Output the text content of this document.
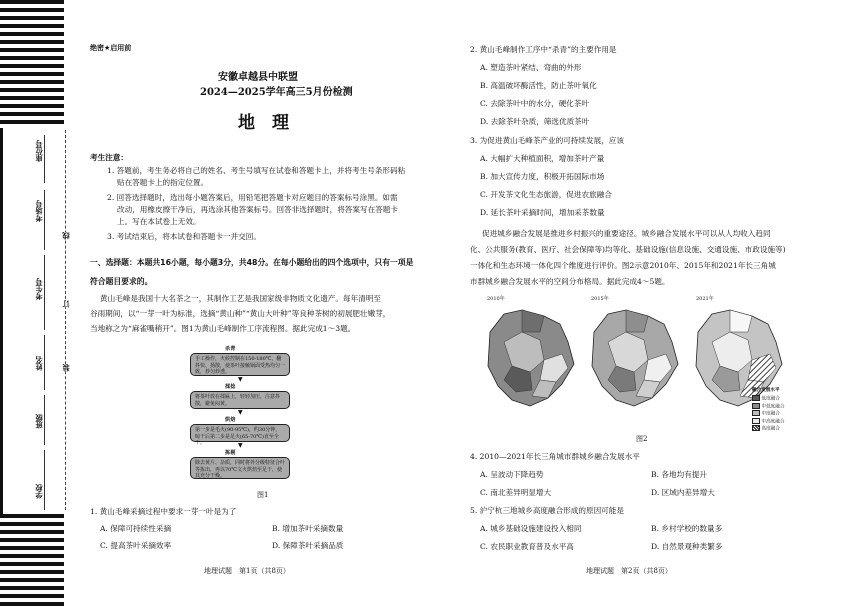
座位号
考场号
考生号
姓名
班级
学校
线
订
装
绝密★启用前
安徽卓越县中联盟
2024—2025学年高三5月份检测
地　理
考生注意：
1. 答题前，考生务必将自己的姓名、考生号填写在试卷和答题卡上，并将考生号条形码粘
贴在答题卡上的指定位置。
2. 回答选择题时，选出每小题答案后，用铅笔把答题卡对应题目的答案标号涂黑。如需
改动，用橡皮擦干净后，再选涂其他答案标号。回答非选择题时，将答案写在答题卡
上。写在本试卷上无效。
3. 考试结束后，将本试卷和答题卡一并交回。
一、选择题：本题共16小题，每小题3分，共48分。在每小题给出的四个选项中，只有一项是
符合题目要求的。
黄山毛峰是我国十大名茶之一，其制作工艺是我国家级非物质文化遗产。每年清明至
谷雨期间，以“一芽一叶为标准，选摘“黄山种”“黄山大叶种”等良种茶树的初展肥壮嫩芽，
当地称之为“麻雀嘴稍开”。图1为黄山毛峰制作工序流程图。据此完成1～3题。
杀青
手工操作，火候控制在150-180℃，翻抖快、扬散，使茶叶接触锅面受热均匀一致，炒匀炒透。
▼
揉捻
将茶叶放在揉匾上，轻轻加压，注意抖散，避免闷黄。
▼
烘焙
第一步是毛火(90-95℃)，约30分钟，晾干后第二步是足火(65-70℃)直至全干。	▼
拣剔
除去黄片、杂质，同时将外分级特征合叶等拣出，再以70℃文火烘焙至足干，使其充分干燥。
图1
1. 黄山毛峰采摘过程中要求一芽一叶是为了
A. 保障可持续性采摘	B. 增加茶叶采摘数量
C. 提高茶叶采摘效率	D. 保障茶叶采摘品质
地理试题　第1页（共8页）
2. 黄山毛峰制作工序中“杀青”的主要作用是
A. 塑造茶叶紧结、弯曲的外形
B. 高温破坏酶活性，防止茶叶氧化
C. 去除茶叶中的水分，硬化茶叶
D. 去除茶叶杂质，筛选优质茶叶
3. 为促进黄山毛峰茶产业的可持续发展，应该
A. 大幅扩大种植面积，增加茶叶产量
B. 加大宣传力度，积极开拓国际市场
C. 开发茶文化生态旅游，促进农旅融合
D. 延长茶叶采摘时间，增加采茶数量
促进城乡融合发展是推进乡村振兴的重要途径。城乡融合发展水平可以从人均收入趋同
化、公共服务(教育、医疗、社会保障等)均等化、基础设施(信息设施、交通设施、市政设施等)
一体化和生态环境一体化四个维度进行评价。图2示意2010年、2015年和2021年长三角城
市群城乡融合发展水平的空间分布格局。据此完成4～5题。
2010年	2015年	2021年
融合发展水平
低度融合
中低度融合
中度融合
中高度融合
高度融合
图2
4. 2010—2021年长三角城市群城乡融合发展水平
A. 呈波动下降趋势	B. 各地均有提升
C. 南北差异明显增大	D. 区域内差异增大
5. 沪宁杭三地城乡高度融合形成的原因可能是
A. 城乡基础设施建设投入相同	B. 乡村学校的数量多
C. 农民职业教育普及水平高	D. 自然景观种类繁多
地理试题　第2页（共8页）
